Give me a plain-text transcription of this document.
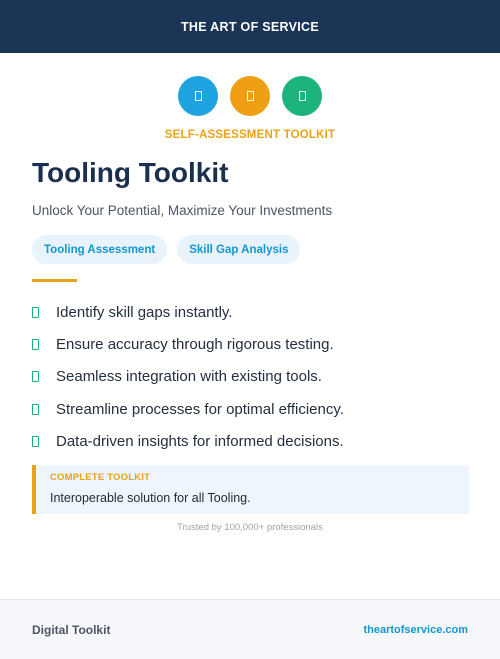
THE ART OF SERVICE
SELF-ASSESSMENT TOOLKIT
Tooling Toolkit
Unlock Your Potential, Maximize Your Investments
Tooling Assessment	Skill Gap Analysis
Identify skill gaps instantly.
Ensure accuracy through rigorous testing.
Seamless integration with existing tools.
Streamline processes for optimal efficiency.
Data-driven insights for informed decisions.
COMPLETE TOOLKIT
Interoperable solution for all Tooling.
Trusted by 100,000+ professionals
Digital Toolkit	theartofservice.com
